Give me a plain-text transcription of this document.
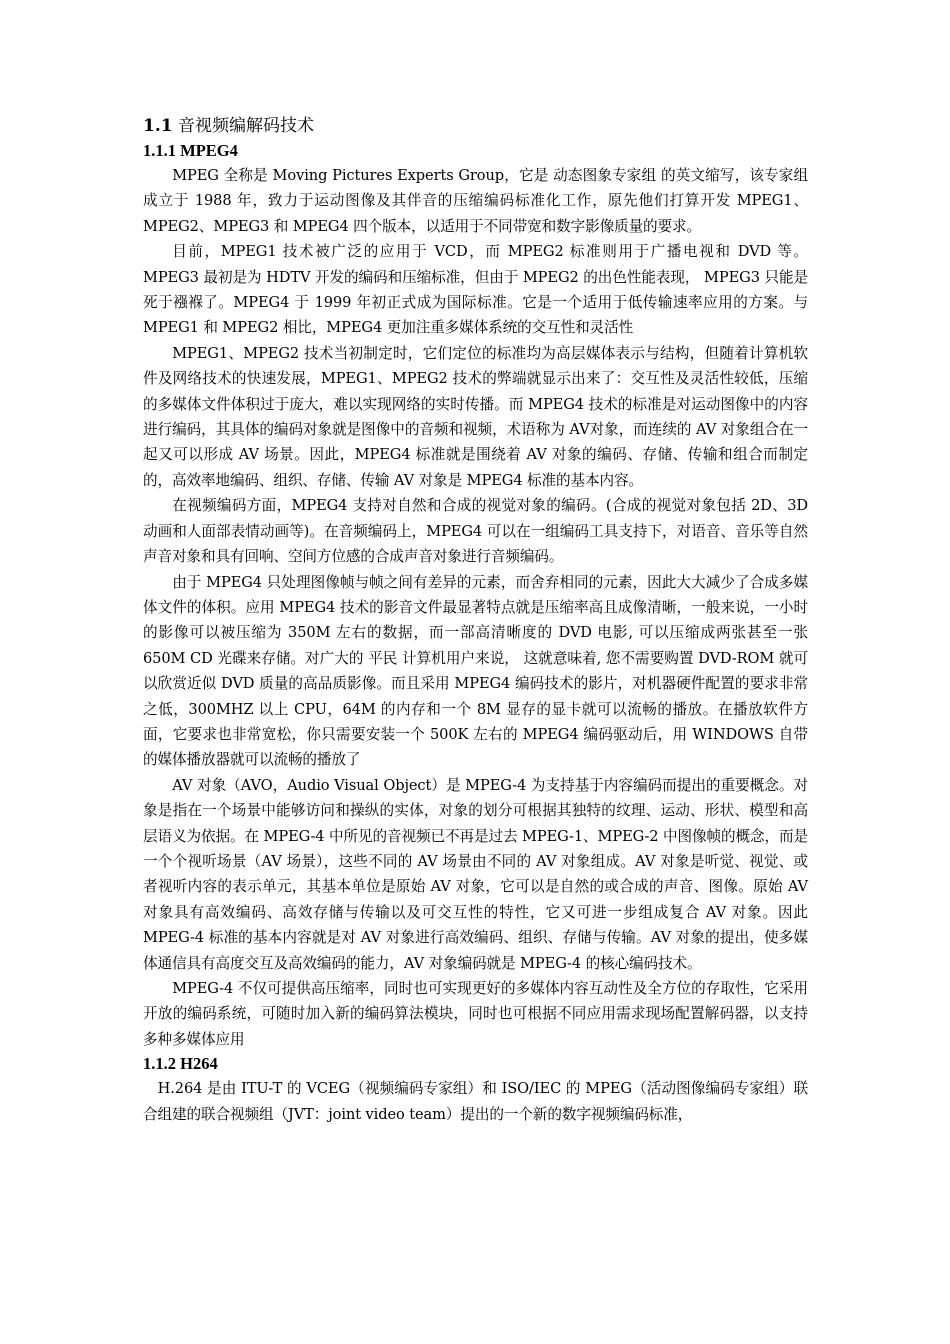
1.1 音视频编解码技术
1.1.1 MPEG4

MPEG 全称是 Moving Pictures Experts Group，它是 动态图象专家组 的英文缩写，该专家组成立于 1988 年，致力于运动图像及其伴音的压缩编码标准化工作，原先他们打算开发 MPEG1、MPEG2、MPEG3 和 MPEG4 四个版本，以适用于不同带宽和数字影像质量的要求。

目前，MPEG1 技术被广泛的应用于 VCD，而 MPEG2 标准则用于广播电视和 DVD 等。MPEG3 最初是为 HDTV 开发的编码和压缩标准，但由于 MPEG2 的出色性能表现， MPEG3 只能是死于襁褓了。MPEG4 于 1999 年初正式成为国际标准。它是一个适用于低传输速率应用的方案。与 MPEG1 和 MPEG2 相比，MPEG4 更加注重多媒体系统的交互性和灵活性

MPEG1、MPEG2 技术当初制定时，它们定位的标准均为高层媒体表示与结构，但随着计算机软件及网络技术的快速发展，MPEG1、MPEG2 技术的弊端就显示出来了：交互性及灵活性较低，压缩的多媒体文件体积过于庞大，难以实现网络的实时传播。而 MPEG4 技术的标准是对运动图像中的内容进行编码，其具体的编码对象就是图像中的音频和视频，术语称为 AV对象，而连续的 AV 对象组合在一起又可以形成 AV 场景。因此，MPEG4 标准就是围绕着 AV 对象的编码、存储、传输和组合而制定的，高效率地编码、组织、存储、传输 AV 对象是 MPEG4 标准的基本内容。

在视频编码方面，MPEG4 支持对自然和合成的视觉对象的编码。(合成的视觉对象包括 2D、3D 动画和人面部表情动画等)。在音频编码上，MPEG4 可以在一组编码工具支持下，对语音、音乐等自然声音对象和具有回响、空间方位感的合成声音对象进行音频编码。

由于 MPEG4 只处理图像帧与帧之间有差异的元素，而舍弃相同的元素，因此大大减少了合成多媒体文件的体积。应用 MPEG4 技术的影音文件最显著特点就是压缩率高且成像清晰，一般来说，一小时的影像可以被压缩为 350M 左右的数据，而一部高清晰度的 DVD 电影, 可以压缩成两张甚至一张 650M CD 光碟来存储。对广大的 平民 计算机用户来说， 这就意味着, 您不需要购置 DVD-ROM 就可以欣赏近似 DVD 质量的高品质影像。而且采用 MPEG4 编码技术的影片，对机器硬件配置的要求非常之低，300MHZ 以上 CPU，64M 的内存和一个 8M 显存的显卡就可以流畅的播放。在播放软件方面，它要求也非常宽松，你只需要安装一个 500K 左右的 MPEG4 编码驱动后，用 WINDOWS 自带的媒体播放器就可以流畅的播放了

AV 对象（AVO，Audio Visual Object）是 MPEG-4 为支持基于内容编码而提出的重要概念。对象是指在一个场景中能够访问和操纵的实体，对象的划分可根据其独特的纹理、运动、形状、模型和高层语义为依据。在 MPEG-4 中所见的音视频已不再是过去 MPEG-1、MPEG-2 中图像帧的概念，而是一个个视听场景（AV 场景），这些不同的 AV 场景由不同的 AV 对象组成。AV 对象是听觉、视觉、或者视听内容的表示单元，其基本单位是原始 AV 对象，它可以是自然的或合成的声音、图像。原始 AV 对象具有高效编码、高效存储与传输以及可交互性的特性，它又可进一步组成复合 AV 对象。因此 MPEG-4 标准的基本内容就是对 AV 对象进行高效编码、组织、存储与传输。AV 对象的提出，使多媒体通信具有高度交互及高效编码的能力，AV 对象编码就是 MPEG-4 的核心编码技术。

MPEG-4 不仅可提供高压缩率，同时也可实现更好的多媒体内容互动性及全方位的存取性，它采用开放的编码系统，可随时加入新的编码算法模块，同时也可根据不同应用需求现场配置解码器，以支持多种多媒体应用

1.1.2 H264

H.264 是由 ITU-T 的 VCEG（视频编码专家组）和 ISO/IEC 的 MPEG（活动图像编码专家组）联合组建的联合视频组（JVT：joint video team）提出的一个新的数字视频编码标准，
